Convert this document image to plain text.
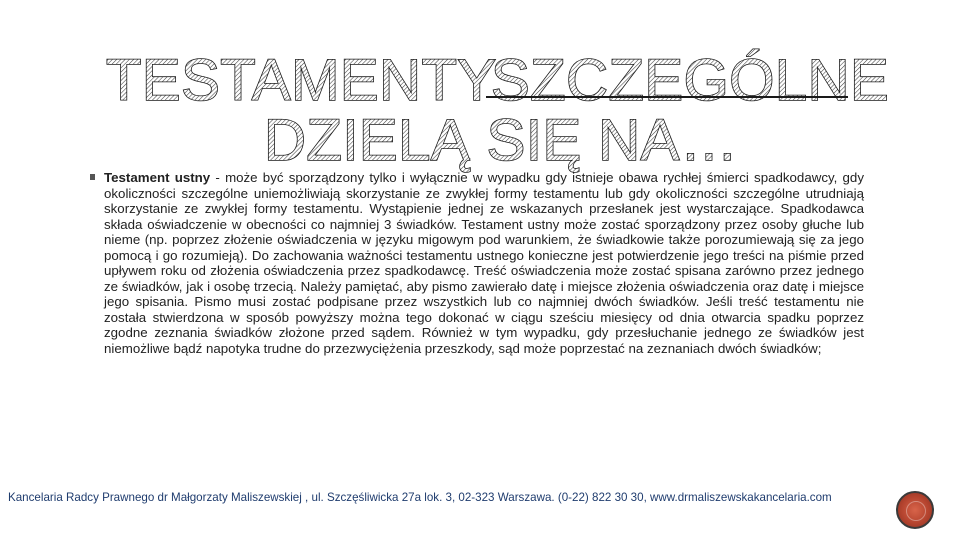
TESTAMENTY
SZCZEGÓLNE
DZIELĄ SIĘ NA…
Testament ustny - może być sporządzony tylko i wyłącznie w wypadku gdy istnieje obawa rychłej śmierci spadkodawcy, gdy okoliczności szczególne uniemożliwiają skorzystanie ze zwykłej formy testamentu lub gdy okoliczności szczególne utrudniają skorzystanie ze zwykłej formy testamentu. Wystąpienie jednej ze wskazanych przesłanek jest wystarczające. Spadkodawca składa oświadczenie w obecności co najmniej 3 świadków. Testament ustny może zostać sporządzony przez osoby głuche lub nieme (np. poprzez złożenie oświadczenia w języku migowym pod warunkiem, że świadkowie także porozumiewają się za jego pomocą i go rozumieją). Do zachowania ważności testamentu ustnego konieczne jest potwierdzenie jego treści na piśmie przed upływem roku od złożenia oświadczenia przez spadkodawcę. Treść oświadczenia może zostać spisana zarówno przez jednego ze świadków, jak i osobę trzecią. Należy pamiętać, aby pismo zawierało datę i miejsce złożenia oświadczenia oraz datę i miejsce jego spisania. Pismo musi zostać podpisane przez wszystkich lub co najmniej dwóch świadków. Jeśli treść testamentu nie została stwierdzona w sposób powyższy można tego dokonać w ciągu sześciu miesięcy od dnia otwarcia spadku poprzez zgodne zeznania świadków złożone przed sądem. Również w tym wypadku, gdy przesłuchanie jednego ze świadków jest niemożliwe bądź napotyka trudne do przezwyciężenia przeszkody, sąd może poprzestać na zeznaniach dwóch świadków;
Kancelaria Radcy Prawnego dr Małgorzaty Maliszewskiej , ul. Szczęśliwicka 27a lok. 3, 02-323 Warszawa. (0-22) 822 30 30, www.drmaliszewskakancelaria.com
